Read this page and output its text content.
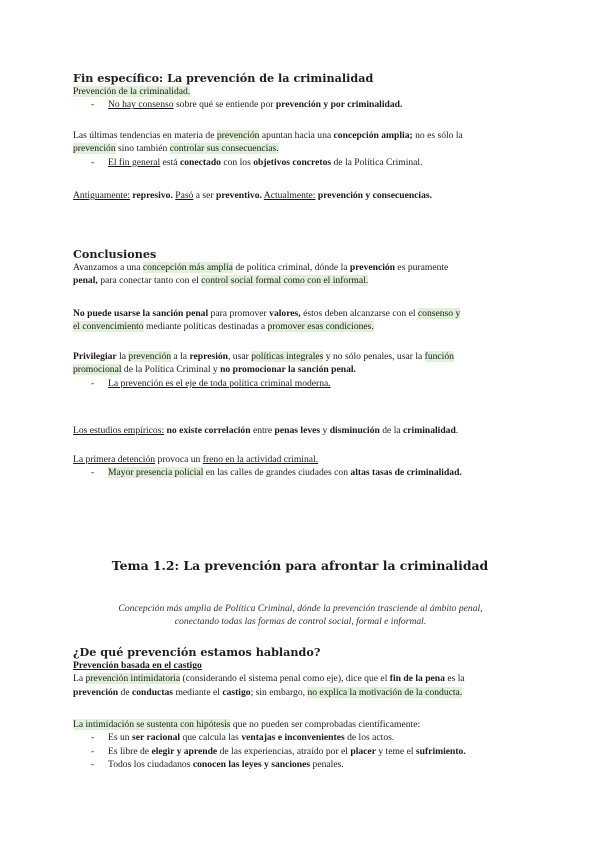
Fin específico: La prevención de la criminalidad

Prevención de la criminalidad.

- No hay consenso sobre qué se entiende por prevención y por criminalidad.

Las últimas tendencias en materia de prevención apuntan hacia una concepción amplia; no es sólo la

prevención sino también controlar sus consecuencias.

- El fin general está conectado con los objetivos concretos de la Política Criminal.

Antiguamente: represivo. Pasó a ser preventivo. Actualmente: prevención y consecuencias.

Conclusiones

Avanzamos a una concepción más amplia de política criminal, dónde la prevención es puramente

penal, para conectar tanto con el control social formal como con el informal.

No puede usarse la sanción penal para promover valores, éstos deben alcanzarse con el consenso y

el convencimiento mediante políticas destinadas a promover esas condiciones.

Privilegiar la prevención a la represión, usar políticas integrales y no sólo penales, usar la función

promocional de la Política Criminal y no promocionar la sanción penal.

- La prevención es el eje de toda política criminal moderna.

Los estudios empíricos: no existe correlación entre penas leves y disminución de la criminalidad.

La primera detención provoca un freno en la actividad criminal.

- Mayor presencia policial en las calles de grandes ciudades con altas tasas de criminalidad.

Tema 1.2: La prevención para afrontar la criminalidad

Concepción más amplia de Política Criminal, dónde la prevención trasciende al ámbito penal,

conectando todas las formas de control social, formal e informal.

¿De qué prevención estamos hablando?

Prevención basada en el castigo

La prevención intimidatoria (considerando el sistema penal como eje), dice que el fin de la pena es la

prevención de conductas mediante el castigo; sin embargo, no explica la motivación de la conducta.

La intimidación se sustenta con hipótesis que no pueden ser comprobadas científicamente:

- Es un ser racional que calcula las ventajas e inconvenientes de los actos.

- Es libre de elegir y aprende de las experiencias, atraído por el placer y teme el sufrimiento.

- Todos los ciudadanos conocen las leyes y sanciones penales.
